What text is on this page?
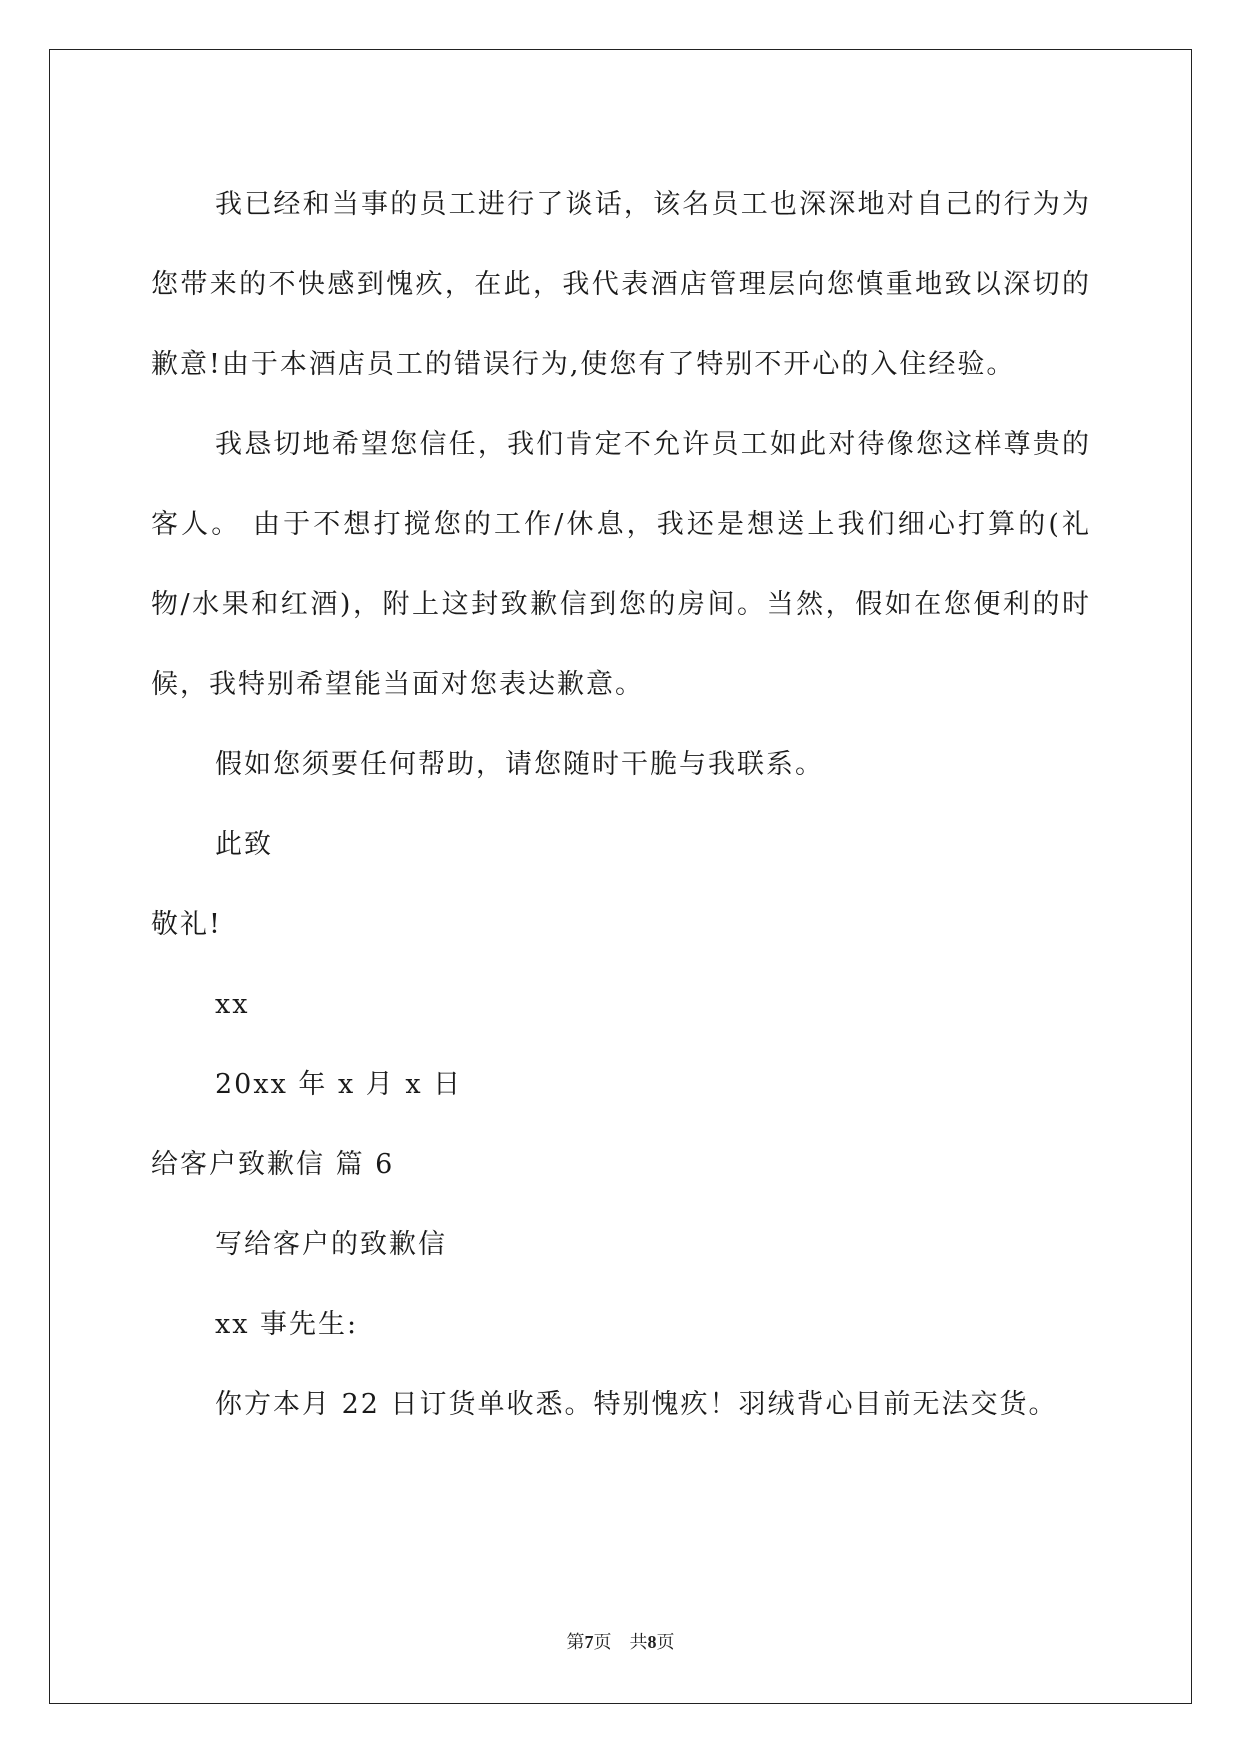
我已经和当事的员工进行了谈话，该名员工也深深地对自己的行为为您带来的不快感到愧疚，在此，我代表酒店管理层向您慎重地致以深切的歉意!由于本酒店员工的错误行为,使您有了特别不开心的入住经验。

我恳切地希望您信任，我们肯定不允许员工如此对待像您这样尊贵的客人。 由于不想打搅您的工作/休息，我还是想送上我们细心打算的(礼物/水果和红酒)，附上这封致歉信到您的房间。当然，假如在您便利的时候，我特别希望能当面对您表达歉意。

假如您须要任何帮助，请您随时干脆与我联系。

此致

敬礼!

xx

20xx 年 x 月 x 日

给客户致歉信 篇 6

写给客户的致歉信

xx 事先生:

你方本月 22 日订货单收悉。特别愧疚！羽绒背心目前无法交货。

第7页　共8页
